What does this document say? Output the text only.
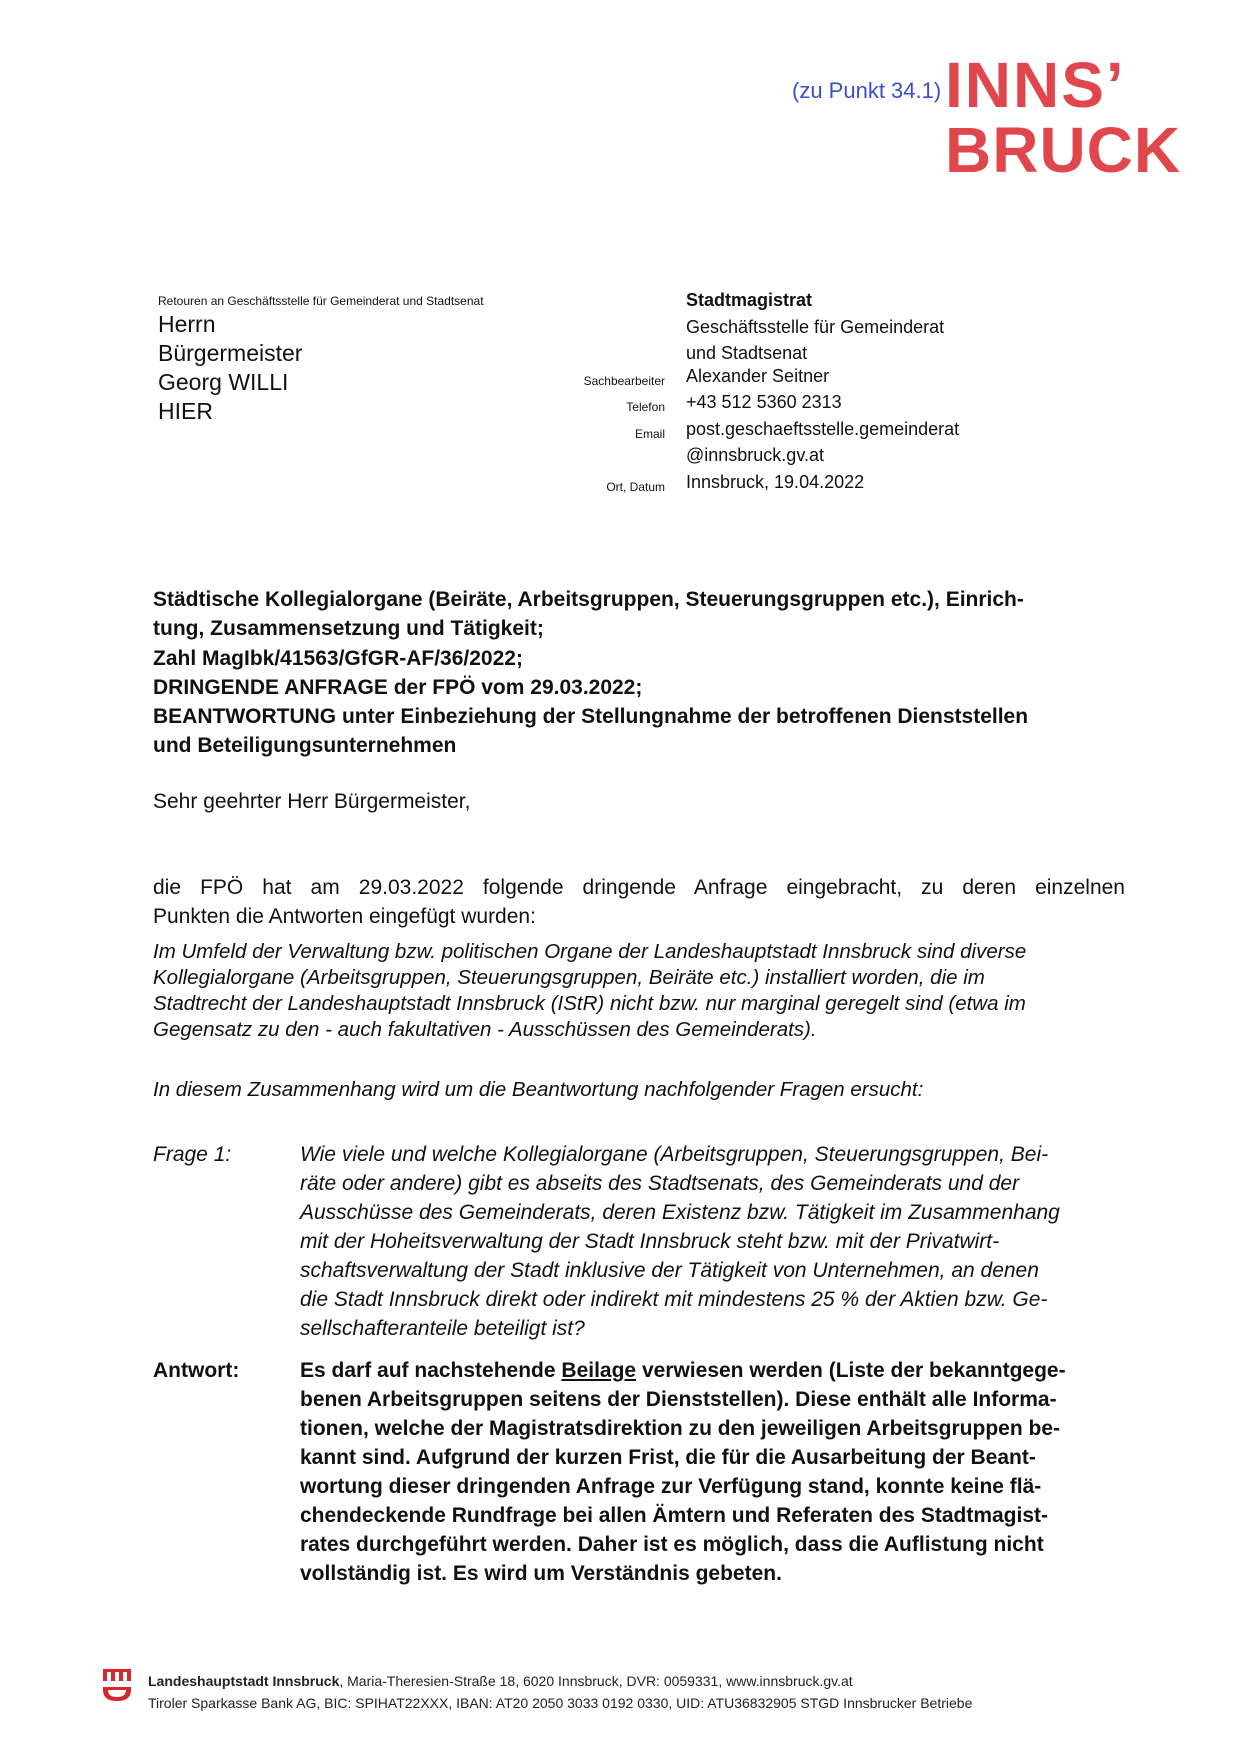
(zu Punkt 34.1) INNS’
BRUCK
Retouren an Geschäftsstelle für Gemeinderat und Stadtsenat
Herrn
Bürgermeister
Georg WILLI
HIER
Stadtmagistrat
Geschäftsstelle für Gemeinderat
und Stadtsenat
Sachbearbeiter Alexander Seitner
Telefon +43 512 5360 2313
Email post.geschaeftsstelle.gemeinderat
@innsbruck.gv.at
Ort, Datum Innsbruck, 19.04.2022
Städtische Kollegialorgane (Beiräte, Arbeitsgruppen, Steuerungsgruppen etc.), Einrich-
tung, Zusammensetzung und Tätigkeit;
Zahl MagIbk/41563/GfGR-AF/36/2022;
DRINGENDE ANFRAGE der FPÖ vom 29.03.2022;
BEANTWORTUNG unter Einbeziehung der Stellungnahme der betroffenen Dienststellen
und Beteiligungsunternehmen
Sehr geehrter Herr Bürgermeister,
die FPÖ hat am 29.03.2022 folgende dringende Anfrage eingebracht, zu deren einzelnen
Punkten die Antworten eingefügt wurden:
Im Umfeld der Verwaltung bzw. politischen Organe der Landeshauptstadt Innsbruck sind diverse
Kollegialorgane (Arbeitsgruppen, Steuerungsgruppen, Beiräte etc.) installiert worden, die im
Stadtrecht der Landeshauptstadt Innsbruck (IStR) nicht bzw. nur marginal geregelt sind (etwa im
Gegensatz zu den - auch fakultativen - Ausschüssen des Gemeinderats).
In diesem Zusammenhang wird um die Beantwortung nachfolgender Fragen ersucht:
Frage 1:	Wie viele und welche Kollegialorgane (Arbeitsgruppen, Steuerungsgruppen, Bei-
räte oder andere) gibt es abseits des Stadtsenats, des Gemeinderats und der
Ausschüsse des Gemeinderats, deren Existenz bzw. Tätigkeit im Zusammenhang
mit der Hoheitsverwaltung der Stadt Innsbruck steht bzw. mit der Privatwirt-
schaftsverwaltung der Stadt inklusive der Tätigkeit von Unternehmen, an denen
die Stadt Innsbruck direkt oder indirekt mit mindestens 25 % der Aktien bzw. Ge-
sellschafteranteile beteiligt ist?
Antwort:	Es darf auf nachstehende Beilage verwiesen werden (Liste der bekanntgege-
benen Arbeitsgruppen seitens der Dienststellen). Diese enthält alle Informa-
tionen, welche der Magistratsdirektion zu den jeweiligen Arbeitsgruppen be-
kannt sind. Aufgrund der kurzen Frist, die für die Ausarbeitung der Beant-
wortung dieser dringenden Anfrage zur Verfügung stand, konnte keine flä-
chendeckende Rundfrage bei allen Ämtern und Referaten des Stadtmagist-
rates durchgeführt werden. Daher ist es möglich, dass die Auflistung nicht
vollständig ist. Es wird um Verständnis gebeten.
Landeshauptstadt Innsbruck, Maria-Theresien-Straße 18, 6020 Innsbruck, DVR: 0059331, www.innsbruck.gv.at
Tiroler Sparkasse Bank AG, BIC: SPIHAT22XXX, IBAN: AT20 2050 3033 0192 0330, UID: ATU36832905 STGD Innsbrucker Betriebe
